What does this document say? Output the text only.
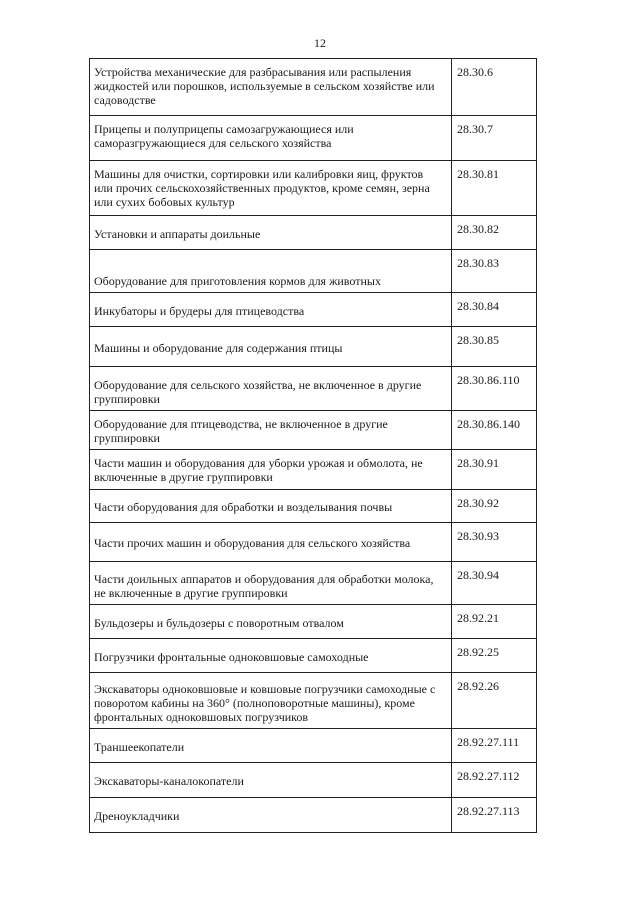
12
Устройства механические для разбрасывания или распыления жидкостей или порошков, используемые в сельском хозяйстве или садоводстве	28.30.6
Прицепы и полуприцепы самозагружающиеся или саморазгружающиеся для сельского хозяйства	28.30.7
Машины для очистки, сортировки или калибровки яиц, фруктов или прочих сельскохозяйственных продуктов, кроме семян, зерна или сухих бобовых культур	28.30.81
Установки и аппараты доильные	28.30.82
Оборудование для приготовления кормов для животных	28.30.83
Инкубаторы и брудеры для птицеводства	28.30.84
Машины и оборудование для содержания птицы	28.30.85
Оборудование для сельского хозяйства, не включенное в другие группировки	28.30.86.110
Оборудование для птицеводства, не включенное в другие группировки	28.30.86.140
Части машин и оборудования для уборки урожая и обмолота, не включенные в другие группировки	28.30.91
Части оборудования для обработки и возделывания почвы	28.30.92
Части прочих машин и оборудования для сельского хозяйства	28.30.93
Части доильных аппаратов и оборудования для обработки молока, не включенные в другие группировки	28.30.94
Бульдозеры и бульдозеры с поворотным отвалом	28.92.21
Погрузчики фронтальные одноковшовые самоходные	28.92.25
Экскаваторы одноковшовые и ковшовые погрузчики самоходные с поворотом кабины на 360° (полноповоротные машины), кроме фронтальных одноковшовых погрузчиков	28.92.26
Траншеекопатели	28.92.27.111
Экскаваторы-каналокопатели	28.92.27.112
Дреноукладчики	28.92.27.113
